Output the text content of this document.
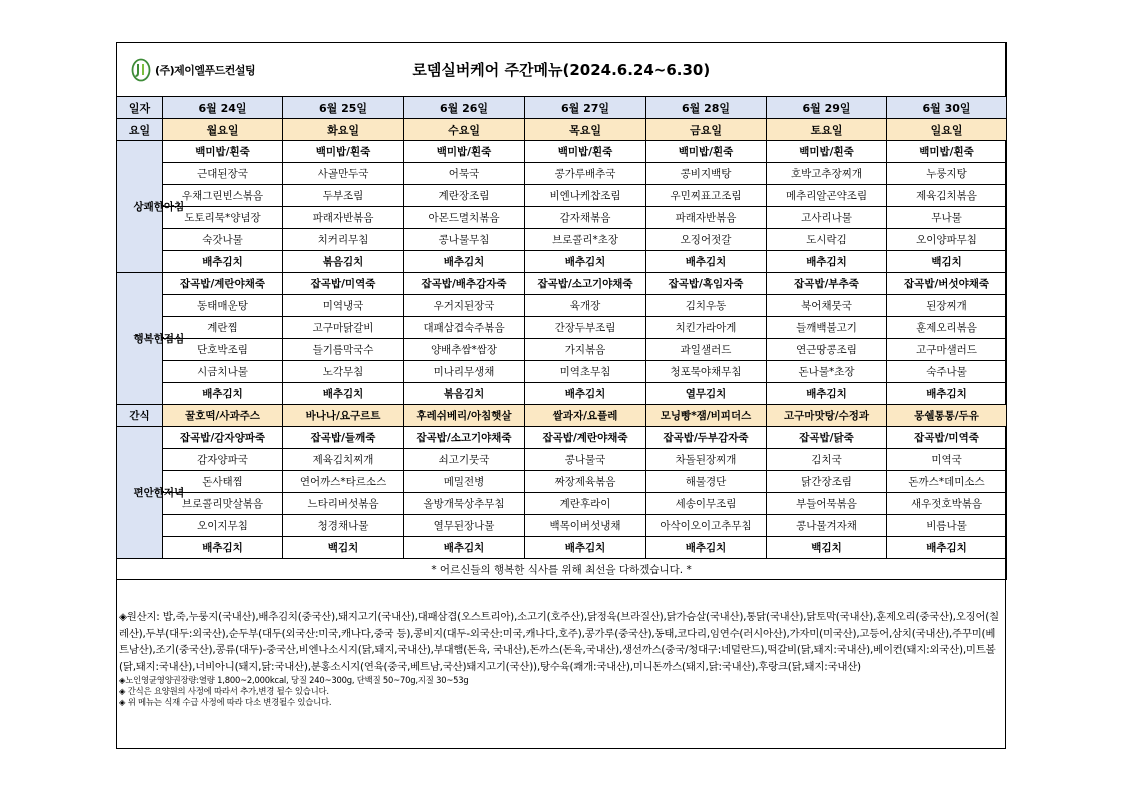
(주)제이엘푸드컨설팅		로뎀실버케어 주간메뉴(2024.6.24~6.30)					
일자	6월 24일	6월 25일	6월 26일	6월 27일	6월 28일	6월 29일	6월 30일
요일	월요일	화요일	수요일	목요일	금요일	토요일	일요일

상쾌한아침	백미밥/흰죽	백미밥/흰죽	백미밥/흰죽	백미밥/흰죽	백미밥/흰죽	백미밥/흰죽	백미밥/흰죽
	근대된장국	사골만두국	어묵국	콩가루배추국	콩비지백탕	호박고추장찌개	누룽지탕
	우채그린빈스볶음	두부조림	계란장조림	비엔나케찹조림	우민찌표고조림	메추리알곤약조림	제육김치볶음
	도토리묵*양념장	파래자반볶음	아몬드멸치볶음	감자채볶음	파래자반볶음	고사리나물	무나물
	숙갓나물	치커리무침	콩나물무침	브로콜리*초장	오징어젓갈	도시락김	오이양파무침
	배추김치	볶음김치	배추김치	배추김치	배추김치	배추김치	백김치

행복한점심	잡곡밥/계란야채죽	잡곡밥/미역죽	잡곡밥/배추감자죽	잡곡밥/소고기야채죽	잡곡밥/흑임자죽	잡곡밥/부추죽	잡곡밥/버섯야채죽
	동태매운탕	미역냉국	우거지된장국	육개장	김치우동	북어채뭇국	된장찌개
	계란찜	고구마닭갈비	대패삼겹숙주볶음	간장두부조림	치킨가라아게	들깨백불고기	훈제오리볶음
	단호박조림	들기름막국수	양배추쌈*쌈장	가지볶음	과일샐러드	연근땅콩조림	고구마샐러드
	시금치나물	노각무침	미나리무생채	미역초무침	청포묵야채무침	돈나물*초장	숙주나물
	배추김치	배추김치	볶음김치	배추김치	열무김치	배추김치	배추김치
간식	꿀호떡/사과주스	바나나/요구르트	후레쉬베리/아침햇살	쌀과자/요플레	모닝빵*잼/비피더스	고구마맛탕/수정과	몽쉘통통/두유

편안한저녁	잡곡밥/감자양파죽	잡곡밥/들깨죽	잡곡밥/소고기야채죽	잡곡밥/계란야채죽	잡곡밥/두부감자죽	잡곡밥/닭죽	잡곡밥/미역죽
	감자양파국	제육김치찌개	쇠고기뭇국	콩나물국	차돌된장찌개	김치국	미역국
	돈사태찜	연어까스*타르소스	메밀전병	짜장제육볶음	해물경단	닭간장조림	돈까스*데미소스
	브로콜리맛살볶음	느타리버섯볶음	올방개묵상추무침	계란후라이	세송이무조림	부들어묵볶음	새우젓호박볶음
	오이지무침	청경채나물	열무된장나물	백목이버섯냉채	아삭이오이고추무침	콩나물겨자채	비름나물
	배추김치	백김치	배추김치	배추김치	배추김치	백김치	배추김치
* 어르신들의 행복한 식사를 위해 최선을 다하겠습니다. *							

◈원산지: 밥,죽,누룽지(국내산),배추김치(중국산),돼지고기(국내산),대패삼겹(오스트리아),소고기(호주산),닭정육(브라질산),닭가슴살(국내산),통닭(국내산),닭토막(국내산),훈제오리(중국산),오징어(칠레산),두부(대두:외국산),순두부(대두(외국산:미국,캐나다,중국 등),콩비지(대두-외국산:미국,캐나다,호주),콩가루(중국산),동태,코다리,임연수(러시아산),가자미(미국산),고등어,삼치(국내산),주꾸미(베트남산),조기(중국산),콩류(대두)-중국산,비엔나소시지(닭,돼지,국내산),부대햄(돈육, 국내산),돈까스(돈육,국내산),생선까스(중국/청대구:네덜란드),떡갈비(닭,돼지:국내산),베이컨(돼지:외국산),미트볼(닭,돼지:국내산),너비아니(돼지,닭:국내산),분홍소시지(연육(중국,베트남,국산)돼지고기(국산)),탕수육(쾌개:국내산),미니돈까스(돼지,닭:국내산),후랑크(닭,돼지:국내산)

◈노인영균영양권장량:열량 1,800~2,000kcal, 당질 240~300g, 단백질 50~70g,지질 30~53g

◈ 간식은 요양원의 사정에 따라서 추가,변경 될수 있습니다.

◈ 위 메뉴는 식재 수급 사정에 따라 다소 변경될수 있습니다.
